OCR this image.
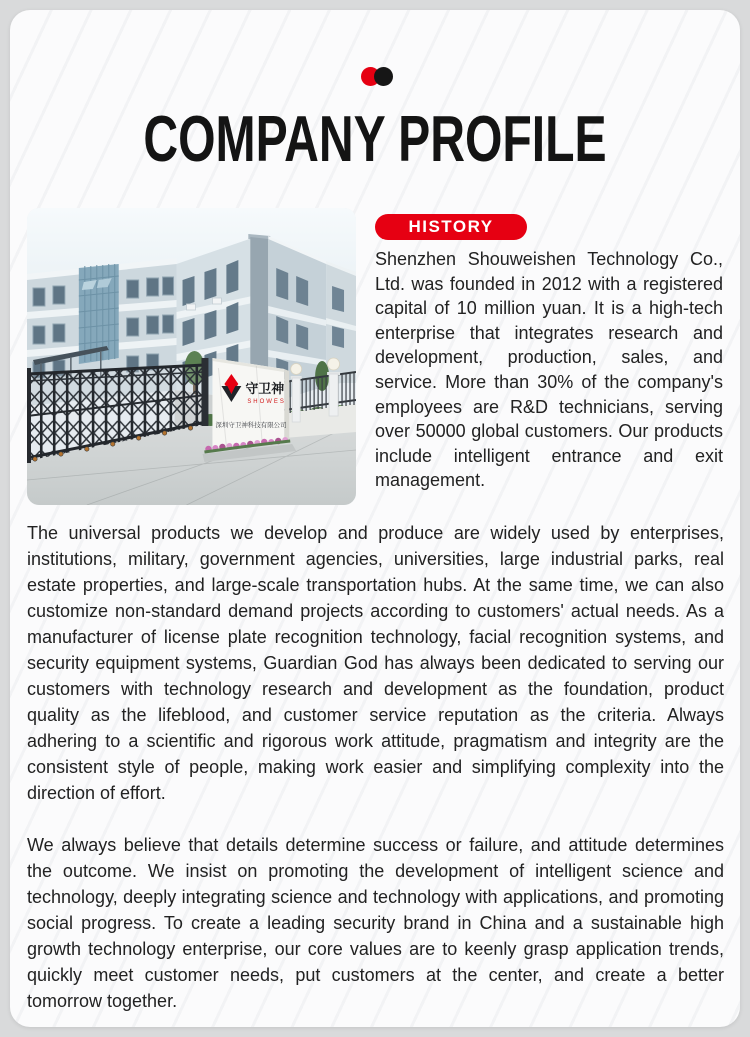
COMPANY PROFILE
守卫神
SHOWES
深圳守卫神科技有限公司
HISTORY
Shenzhen Shouweishen Technology Co., Ltd. was founded in 2012 with a registered capital of 10 million yuan. It is a high-tech enterprise that integrates research and development, production, sales, and service. More than 30% of the company's employees are R&D technicians, serving over 50000 global customers. Our products include intelligent entrance and exit management.

The universal products we develop and produce are widely used by enterprises, institutions, military, government agencies, universities, large industrial parks, real estate properties, and large-scale transportation hubs. At the same time, we can also customize non-standard demand projects according to customers' actual needs. As a manufacturer of license plate recognition technology, facial recognition systems, and security equipment systems, Guardian God has always been dedicated to serving our customers with technology research and development as the foundation, product quality as the lifeblood, and customer service reputation as the criteria. Always adhering to a scientific and rigorous work attitude, pragmatism and integrity are the consistent style of people, making work easier and simplifying complexity into the direction of effort.

We always believe that details determine success or failure, and attitude determines the outcome. We insist on promoting the development of intelligent science and technology, deeply integrating science and technology with applications, and promoting social progress. To create a leading security brand in China and a sustainable high growth technology enterprise, our core values are to keenly grasp application trends, quickly meet customer needs, put customers at the center, and create a better tomorrow together.
